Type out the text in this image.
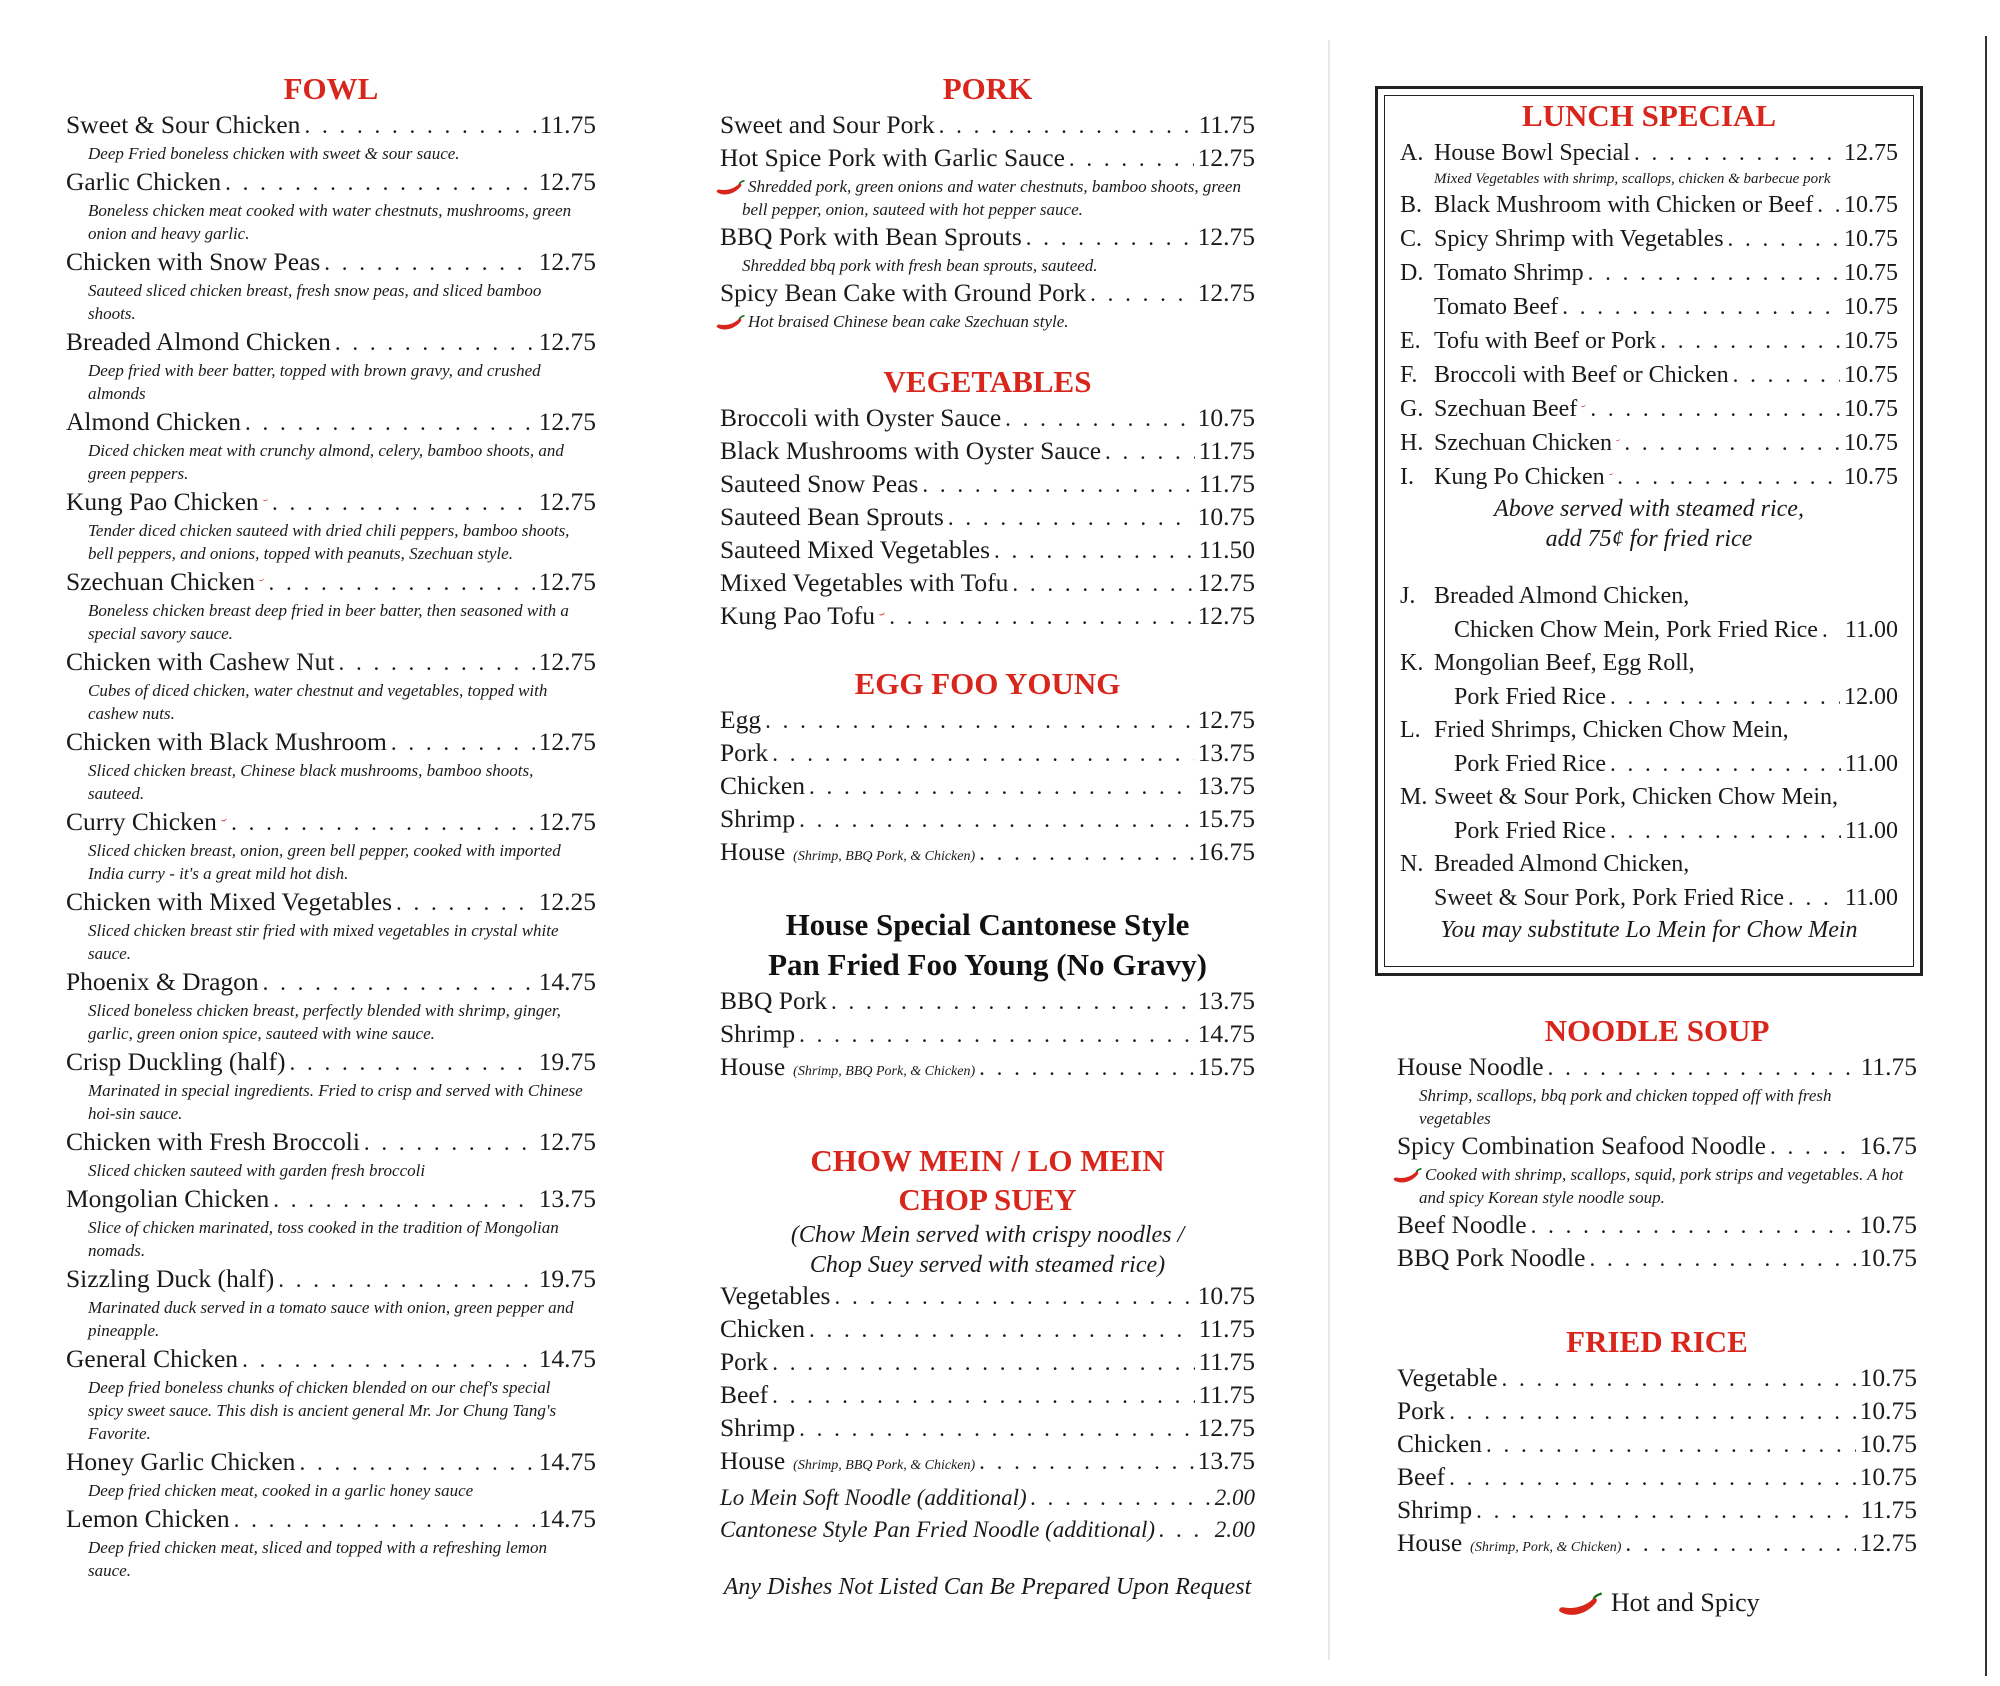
FOWL
Sweet & Sour Chicken . . .	11.75
Deep Fried boneless chicken with sweet & sour sauce.
Garlic Chicken . . .	12.75
Boneless chicken meat cooked with water chestnuts, mushrooms, green onion and heavy garlic.
Chicken with Snow Peas . . .	12.75
Sauteed sliced chicken breast, fresh snow peas, and sliced bamboo shoots.
Breaded Almond Chicken . . .	12.75
Deep fried with beer batter, topped with brown gravy, and crushed almonds
Almond Chicken . . .	12.75
Diced chicken meat with crunchy almond, celery, bamboo shoots, and green peppers.
Kung Pao Chicken . . .	12.75
Tender diced chicken sauteed with dried chili peppers, bamboo shoots, bell peppers, and onions, topped with peanuts, Szechuan style.
Szechuan Chicken . . .	12.75
Boneless chicken breast deep fried in beer batter, then seasoned with a special savory sauce.
Chicken with Cashew Nut . . .	12.75
Cubes of diced chicken, water chestnut and vegetables, topped with cashew nuts.
Chicken with Black Mushroom . . .	12.75
Sliced chicken breast, Chinese black mushrooms, bamboo shoots, sauteed.
Curry Chicken . . .	12.75
Sliced chicken breast, onion, green bell pepper, cooked with imported India curry - it's a great mild hot dish.
Chicken with Mixed Vegetables . . .	12.25
Sliced chicken breast stir fried with mixed vegetables in crystal white sauce.
Phoenix & Dragon . . .	14.75
Sliced boneless chicken breast, perfectly blended with shrimp, ginger, garlic, green onion spice, sauteed with wine sauce.
Crisp Duckling (half) . . .	19.75
Marinated in special ingredients. Fried to crisp and served with Chinese hoi-sin sauce.
Chicken with Fresh Broccoli . . .	12.75
Sliced chicken sauteed with garden fresh broccoli
Mongolian Chicken . . .	13.75
Slice of chicken marinated, toss cooked in the tradition of Mongolian nomads.
Sizzling Duck (half) . . .	19.75
Marinated duck served in a tomato sauce with onion, green pepper and pineapple.
General Chicken . . .	14.75
Deep fried boneless chunks of chicken blended on our chef's special spicy sweet sauce. This dish is ancient general Mr. Jor Chung Tang's Favorite.
Honey Garlic Chicken . . .	14.75
Deep fried chicken meat, cooked in a garlic honey sauce
Lemon Chicken . . .	14.75
Deep fried chicken meat, sliced and topped with a refreshing lemon sauce.
PORK
Sweet and Sour Pork . . .	11.75
Hot Spice Pork with Garlic Sauce . . .	12.75
Shredded pork, green onions and water chestnuts, bamboo shoots, green bell pepper, onion, sauteed with hot pepper sauce.
BBQ Pork with Bean Sprouts . . .	12.75
Shredded bbq pork with fresh bean sprouts, sauteed.
Spicy Bean Cake with Ground Pork . . .	12.75
Hot braised Chinese bean cake Szechuan style.
VEGETABLES
Broccoli with Oyster Sauce . . .	10.75
Black Mushrooms with Oyster Sauce . . .	11.75
Sauteed Snow Peas . . .	11.75
Sauteed Bean Sprouts . . .	10.75
Sauteed Mixed Vegetables . . .	11.50
Mixed Vegetables with Tofu . . .	12.75
Kung Pao Tofu . . .	12.75
EGG FOO YOUNG
Egg . . .	12.75
Pork . . .	13.75
Chicken . . .	13.75
Shrimp . . .	15.75
House (Shrimp, BBQ Pork, & Chicken) . . .	16.75
House Special Cantonese Style
Pan Fried Foo Young (No Gravy)
BBQ Pork . . .	13.75
Shrimp . . .	14.75
House (Shrimp, BBQ Pork, & Chicken) . . .	15.75
CHOW MEIN / LO MEIN
CHOP SUEY
(Chow Mein served with crispy noodles /
Chop Suey served with steamed rice)
Vegetables . . .	10.75
Chicken . . .	11.75
Pork . . .	11.75
Beef . . .	11.75
Shrimp . . .	12.75
House (Shrimp, BBQ Pork, & Chicken) . . .	13.75
Lo Mein Soft Noodle (additional) . . .	2.00
Cantonese Style Pan Fried Noodle (additional) . . .	2.00
Any Dishes Not Listed Can Be Prepared Upon Request
LUNCH SPECIAL
A. House Bowl Special . . .	12.75
Mixed Vegetables with shrimp, scallops, chicken & barbecue pork
B. Black Mushroom with Chicken or Beef . . . 10.75
C. Spicy Shrimp with Vegetables . . .	10.75
D. Tomato Shrimp . . .	10.75
Tomato Beef . . .	10.75
E. Tofu with Beef or Pork . . .	10.75
F. Broccoli with Beef or Chicken . . .	10.75
G. Szechuan Beef . . .	10.75
H. Szechuan Chicken . . .	10.75
I. Kung Po Chicken . . .	10.75
Above served with steamed rice,
add 75¢ for fried rice
J. Breaded Almond Chicken,
Chicken Chow Mein, Pork Fried Rice . . . 11.00
K. Mongolian Beef, Egg Roll,
Pork Fried Rice . . .	12.00
L. Fried Shrimps, Chicken Chow Mein,
Pork Fried Rice . . .	11.00
M. Sweet & Sour Pork, Chicken Chow Mein,
Pork Fried Rice . . .	11.00
N. Breaded Almond Chicken,
Sweet & Sour Pork, Pork Fried Rice . . .	11.00
You may substitute Lo Mein for Chow Mein
NOODLE SOUP
House Noodle . . .	11.75
Shrimp, scallops, bbq pork and chicken topped off with fresh vegetables
Spicy Combination Seafood Noodle . . .	16.75
Cooked with shrimp, scallops, squid, pork strips and vegetables. A hot and spicy Korean style noodle soup.
Beef Noodle . . .	10.75
BBQ Pork Noodle . . .	10.75
FRIED RICE
Vegetable . . .	10.75
Pork . . .	10.75
Chicken . . .	10.75
Beef . . .	10.75
Shrimp . . .	11.75
House (Shrimp, Pork, & Chicken) . . .	12.75
Hot and Spicy
